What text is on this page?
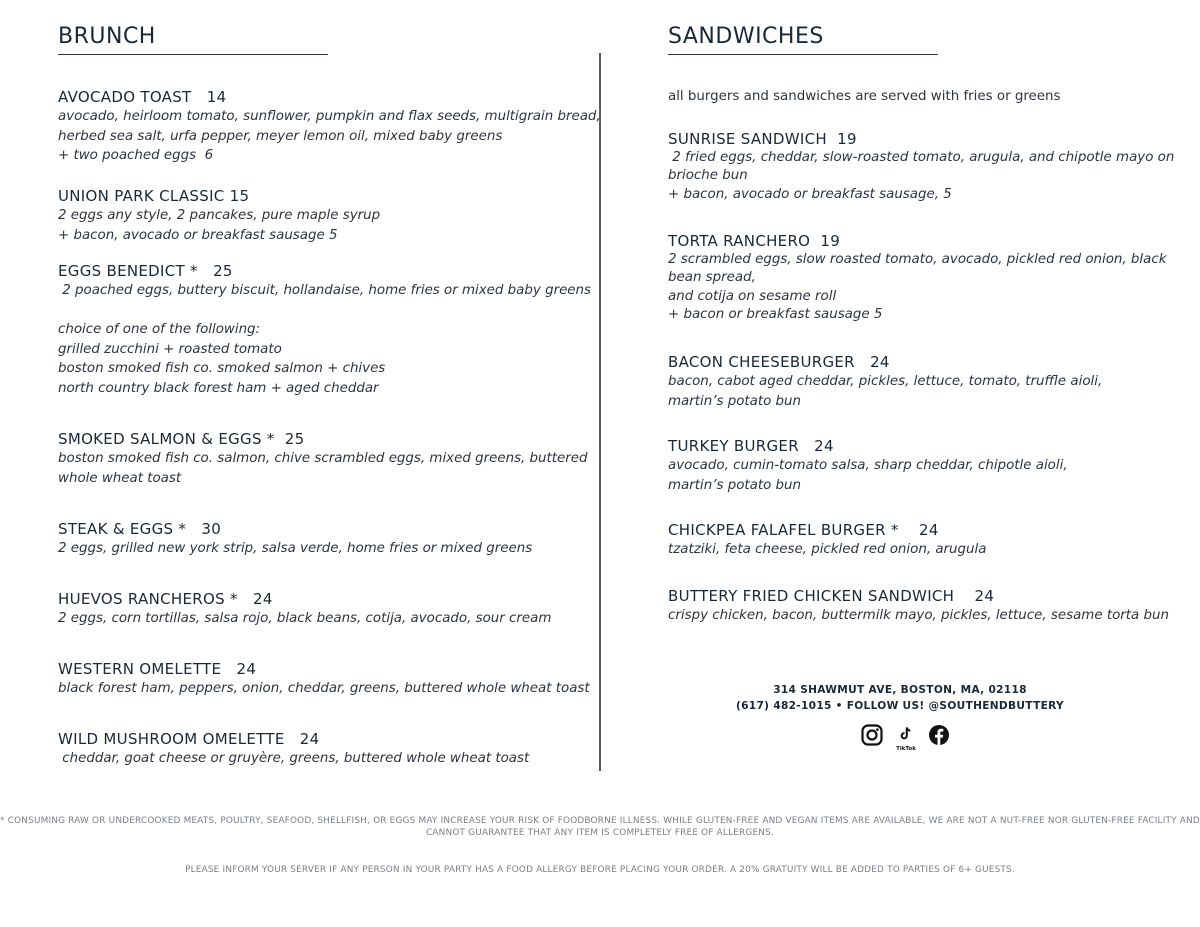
BRUNCH	SANDWICHES
AVOCADO TOAST   14
avocado, heirloom tomato, sunflower, pumpkin and flax seeds, multigrain bread,
herbed sea salt, urfa pepper, meyer lemon oil, mixed baby greens
+ two poached eggs  6
UNION PARK CLASSIC 15
2 eggs any style, 2 pancakes, pure maple syrup
+ bacon, avocado or breakfast sausage 5
EGGS BENEDICT *   25
2 poached eggs, buttery biscuit, hollandaise, home fries or mixed baby greens
choice of one of the following:
grilled zucchini + roasted tomato
boston smoked fish co. smoked salmon + chives
north country black forest ham + aged cheddar
SMOKED SALMON & EGGS *  25
boston smoked fish co. salmon, chive scrambled eggs, mixed greens, buttered
whole wheat toast
STEAK & EGGS *   30
2 eggs, grilled new york strip, salsa verde, home fries or mixed greens
HUEVOS RANCHEROS *   24
2 eggs, corn tortillas, salsa rojo, black beans, cotija, avocado, sour cream
WESTERN OMELETTE   24
black forest ham, peppers, onion, cheddar, greens, buttered whole wheat toast
WILD MUSHROOM OMELETTE   24
cheddar, goat cheese or gruyère, greens, buttered whole wheat toast
all burgers and sandwiches are served with fries or greens
SUNRISE SANDWICH  19
2 fried eggs, cheddar, slow-roasted tomato, arugula, and chipotle mayo on
brioche bun
+ bacon, avocado or breakfast sausage, 5
TORTA RANCHERO  19
2 scrambled eggs, slow roasted tomato, avocado, pickled red onion, black
bean spread,
and cotija on sesame roll
+ bacon or breakfast sausage 5
BACON CHEESEBURGER   24
bacon, cabot aged cheddar, pickles, lettuce, tomato, truffle aioli,
martin’s potato bun
TURKEY BURGER   24
avocado, cumin-tomato salsa, sharp cheddar, chipotle aioli,
martin’s potato bun
CHICKPEA FALAFEL BURGER *    24
tzatziki, feta cheese, pickled red onion, arugula
BUTTERY FRIED CHICKEN SANDWICH    24
crispy chicken, bacon, buttermilk mayo, pickles, lettuce, sesame torta bun
314 SHAWMUT AVE, BOSTON, MA, 02118
(617) 482-1015 • FOLLOW US! @SOUTHENDBUTTERY
TikTok
* CONSUMING RAW OR UNDERCOOKED MEATS, POULTRY, SEAFOOD, SHELLFISH, OR EGGS MAY INCREASE YOUR RISK OF FOODBORNE ILLNESS. WHILE GLUTEN-FREE AND VEGAN ITEMS ARE AVAILABLE, WE ARE NOT A NUT-FREE NOR GLUTEN-FREE FACILITY AND
CANNOT GUARANTEE THAT ANY ITEM IS COMPLETELY FREE OF ALLERGENS.
PLEASE INFORM YOUR SERVER IF ANY PERSON IN YOUR PARTY HAS A FOOD ALLERGY BEFORE PLACING YOUR ORDER. A 20% GRATUITY WILL BE ADDED TO PARTIES OF 6+ GUESTS.
